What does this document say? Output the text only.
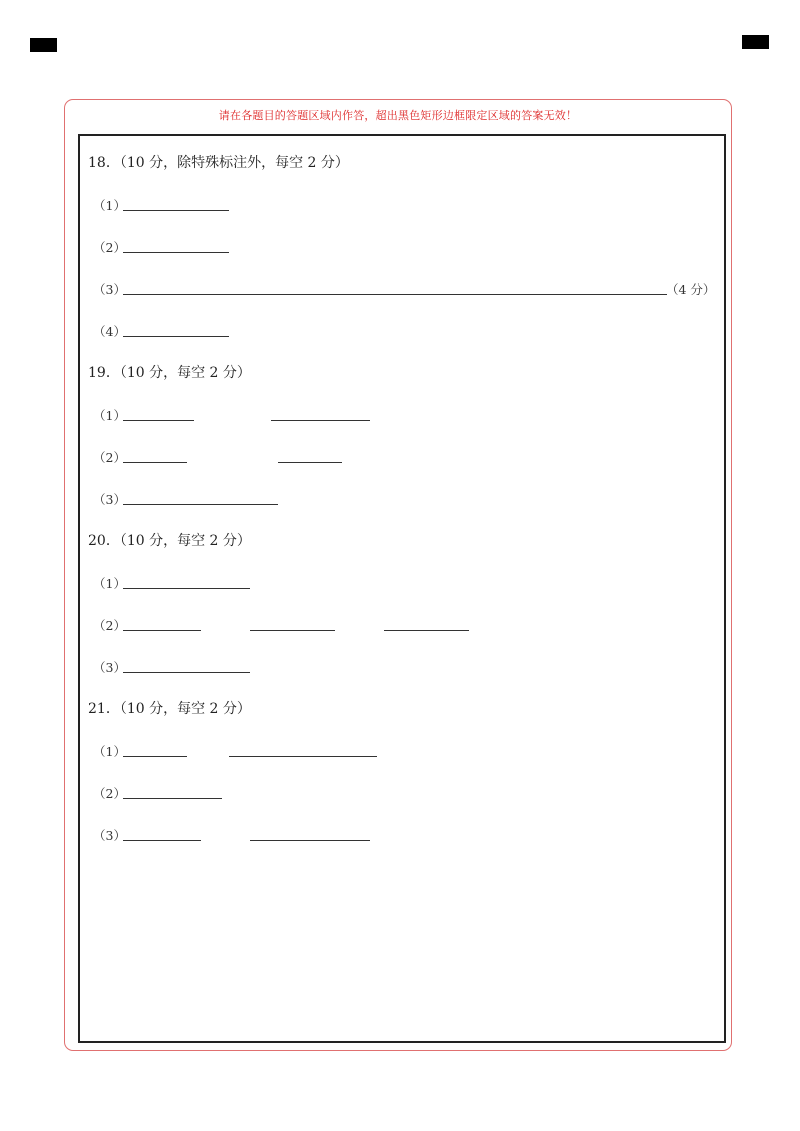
请在各题目的答题区域内作答，超出黑色矩形边框限定区域的答案无效！
18．（10 分，除特殊标注外，每空 2 分）
（1）
（2）
（3）	（4 分）
（4）
19．（10 分，每空 2 分）
（1）
（2）
（3）
20．（10 分，每空 2 分）
（1）
（2）
（3）
21．（10 分，每空 2 分）
（1）
（2）
（3）
